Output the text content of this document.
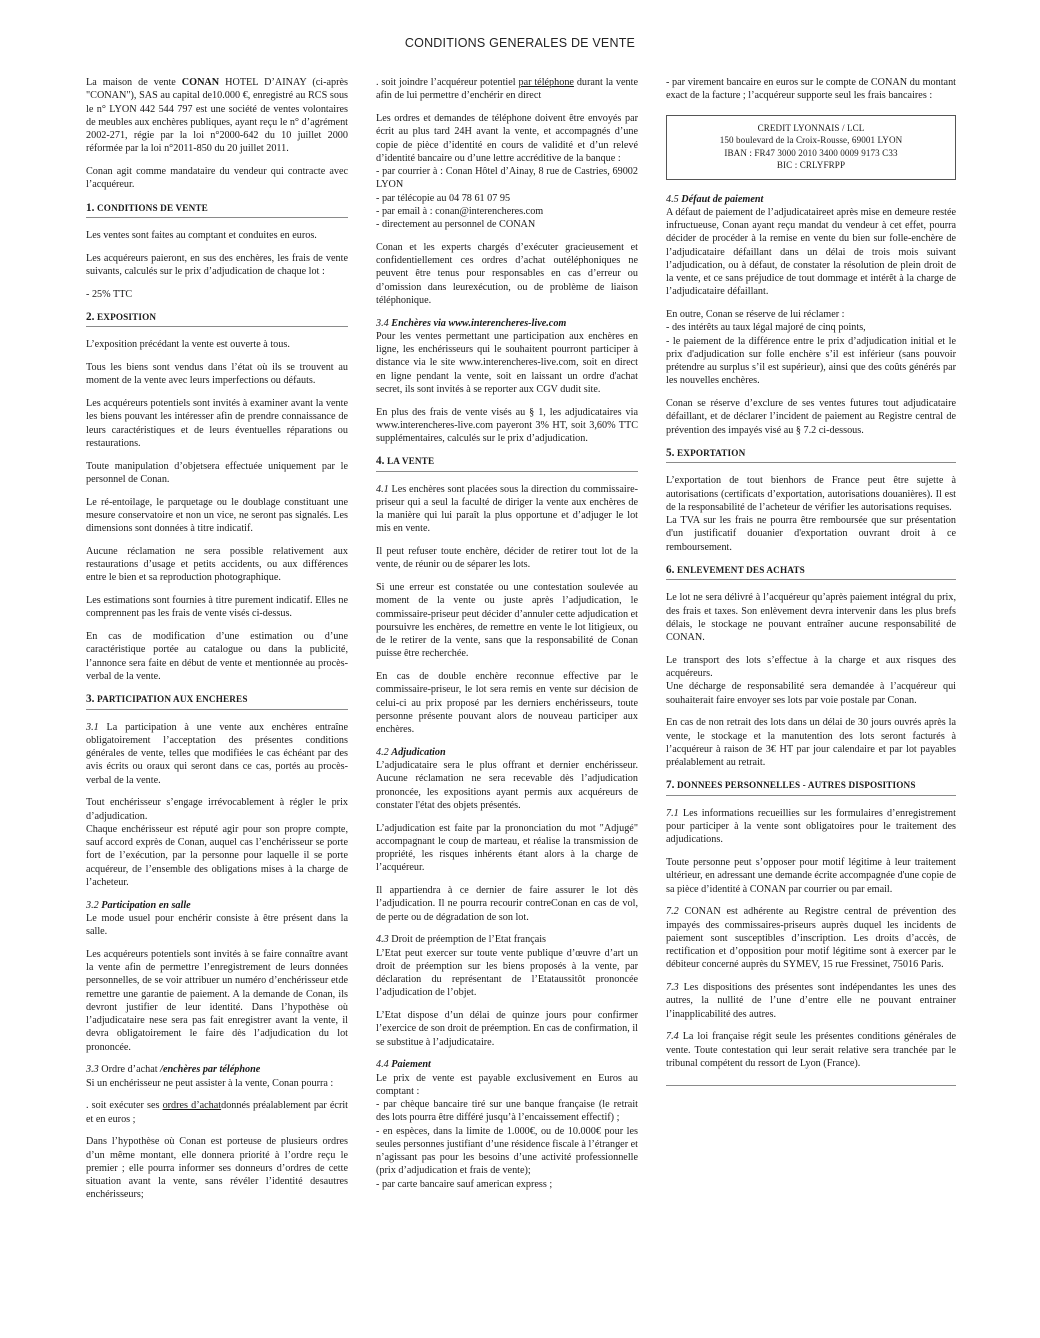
CONDITIONS GENERALES DE VENTE

La maison de vente CONAN HOTEL D’AINAY (ci-après "CONAN"), SAS au capital de10.000 €, enregistré au RCS sous le n° LYON 442 544 797 est une société de ventes volontaires de meubles aux enchères publiques, ayant reçu le n° d’agrément 2002-271, régie par la loi n°2000-642 du 10 juillet 2000 réformée par la loi n°2011-850 du 20 juillet 2011.

Conan agit comme mandataire du vendeur qui contracte avec l’acquéreur.

1. CONDITIONS DE VENTE

Les ventes sont faites au comptant et conduites en euros.

Les acquéreurs paieront, en sus des enchères, les frais de vente suivants, calculés sur le prix d’adjudication de chaque lot :

- 25% TTC

2. EXPOSITION

L’exposition précédant la vente est ouverte à tous.

Tous les biens sont vendus dans l’état où ils se trouvent au moment de la vente avec leurs imperfections ou défauts.

Les acquéreurs potentiels sont invités à examiner avant la vente les biens pouvant les intéresser afin de prendre connaissance de leurs caractéristiques et de leurs éventuelles réparations ou restaurations.

Toute manipulation d’objetsera effectuée uniquement par le personnel de Conan.

Le ré-entoilage, le parquetage ou le doublage constituant une mesure conservatoire et non un vice, ne seront pas signalés. Les dimensions sont données à titre indicatif.

Aucune réclamation ne sera possible relativement aux restaurations d’usage et petits accidents, ou aux différences entre le bien et sa reproduction photographique.

Les estimations sont fournies à titre purement indicatif. Elles ne comprennent pas les frais de vente visés ci-dessus.

En cas de modification d’une estimation ou d’une caractéristique portée au catalogue ou dans la publicité, l’annonce sera faite en début de vente et mentionnée au procès-verbal de la vente.

3. PARTICIPATION AUX ENCHERES

3.1 La participation à une vente aux enchères entraîne obligatoirement l’acceptation des présentes conditions générales de vente, telles que modifiées le cas échéant par des avis écrits ou oraux qui seront dans ce cas, portés au procès-verbal de la vente.

Tout enchérisseur s’engage irrévocablement à régler le prix d’adjudication.

Chaque enchérisseur est réputé agir pour son propre compte, sauf accord exprès de Conan, auquel cas l’enchérisseur se porte fort de l’exécution, par la personne pour laquelle il se porte acquéreur, de l’ensemble des obligations mises à la charge de l’acheteur.

3.2 Participation en salle

Le mode usuel pour enchérir consiste à être présent dans la salle.

Les acquéreurs potentiels sont invités à se faire connaître avant la vente afin de permettre l’enregistrement de leurs données personnelles, de se voir attribuer un numéro d’enchérisseur etde remettre une garantie de paiement. A la demande de Conan, ils devront justifier de leur identité. Dans l’hypothèse où l’adjudicataire nese sera pas fait enregistrer avant la vente, il devra obligatoirement le faire dès l’adjudication du lot prononcée.

3.3 Ordre d’achat /enchères par téléphone

Si un enchérisseur ne peut assister à la vente, Conan pourra :

. soit exécuter ses ordres d’achatdonnés préalablement par écrit et en euros ;

Dans l’hypothèse où Conan est porteuse de plusieurs ordres d’un même montant, elle donnera priorité à l’ordre reçu le premier ; elle pourra informer ses donneurs d’ordres de cette situation avant la vente, sans révéler l’identité desautres enchérisseurs;

. soit joindre l’acquéreur potentiel par téléphone durant la vente afin de lui permettre d’enchérir en direct

Les ordres et demandes de téléphone doivent être envoyés par écrit au plus tard 24H avant la vente, et accompagnés d’une copie de pièce d’identité en cours de validité et d’un relevé d’identité bancaire ou d’une lettre accréditive de la banque :

- par courrier à : Conan Hôtel d’Ainay, 8 rue de Castries, 69002 LYON

- par télécopie au 04 78 61 07 95

- par email à : conan@interencheres.com

- directement au personnel de CONAN

Conan et les experts chargés d’exécuter gracieusement et confidentiellement ces ordres d’achat outéléphoniques ne peuvent être tenus pour responsables en cas d’erreur ou d’omission dans leurexécution, ou de problème de liaison téléphonique.

3.4 Enchères via www.interencheres-live.com

Pour les ventes permettant une participation aux enchères en ligne, les enchérisseurs qui le souhaitent pourront participer à distance via le site www.interencheres-live.com, soit en direct en ligne pendant la vente, soit en laissant un ordre d'achat secret, ils sont invités à se reporter aux CGV dudit site.

En plus des frais de vente visés au § 1, les adjudicataires via www.interencheres-live.com payeront 3% HT, soit 3,60% TTC supplémentaires, calculés sur le prix d’adjudication.

4. LA VENTE

4.1 Les enchères sont placées sous la direction du commissaire-priseur qui a seul la faculté de diriger la vente aux enchères de la manière qui lui paraît la plus opportune et d’adjuger le lot mis en vente.

Il peut refuser toute enchère, décider de retirer tout lot de la vente, de réunir ou de séparer les lots.

Si une erreur est constatée ou une contestation soulevée au moment de la vente ou juste après l’adjudication, le commissaire-priseur peut décider d’annuler cette adjudication et poursuivre les enchères, de remettre en vente le lot litigieux, ou de le retirer de la vente, sans que la responsabilité de Conan puisse être recherchée.

En cas de double enchère reconnue effective par le commissaire-priseur, le lot sera remis en vente sur décision de celui-ci au prix proposé par les derniers enchérisseurs, toute personne présente pouvant alors de nouveau participer aux enchères.

4.2 Adjudication

L’adjudicataire sera le plus offrant et dernier enchérisseur. Aucune réclamation ne sera recevable dès l’adjudication prononcée, les expositions ayant permis aux acquéreurs de constater l'état des objets présentés.

L’adjudication est faite par la prononciation du mot "Adjugé" accompagnant le coup de marteau, et réalise la transmission de propriété, les risques inhérents étant alors à la charge de l’acquéreur.

Il appartiendra à ce dernier de faire assurer le lot dès l’adjudication. Il ne pourra recourir contreConan en cas de vol, de perte ou de dégradation de son lot.

4.3 Droit de préemption de l’Etat français

L’Etat peut exercer sur toute vente publique d’œuvre d’art un droit de préemption sur les biens proposés à la vente, par déclaration du représentant de l’Etataussitôt prononcée l’adjudication de l’objet.

L’Etat dispose d’un délai de quinze jours pour confirmer l’exercice de son droit de préemption. En cas de confirmation, il se substitue à l’adjudicataire.

4.4 Paiement

Le prix de vente est payable exclusivement en Euros au comptant :

- par chèque bancaire tiré sur une banque française (le retrait des lots pourra être différé jusqu’à l’encaissement effectif) ;

- en espèces, dans la limite de 1.000€, ou de 10.000€ pour les seules personnes justifiant d’une résidence fiscale à l’étranger et n’agissant pas pour les besoins d’une activité professionnelle (prix d’adjudication et frais de vente);

- par carte bancaire sauf american express ;

- par virement bancaire en euros sur le compte de CONAN du montant exact de la facture ; l’acquéreur supporte seul les frais bancaires :

CREDIT LYONNAIS / LCL
150 boulevard de la Croix-Rousse, 69001 LYON
IBAN : FR47 3000 2010 3400 0009 9173 C33
BIC : CRLYFRPP
4.5 Défaut de paiement

A défaut de paiement de l’adjudicataireet après mise en demeure restée infructueuse, Conan ayant reçu mandat du vendeur à cet effet, pourra décider de procéder à la remise en vente du bien sur folle-enchère de l’adjudicataire défaillant dans un délai de trois mois suivant l’adjudication, ou à défaut, de constater la résolution de plein droit de la vente, et ce sans préjudice de tout dommage et intérêt à la charge de l’adjudicataire défaillant.

En outre, Conan se réserve de lui réclamer :

- des intérêts au taux légal majoré de cinq points,

- le paiement de la différence entre le prix d’adjudication initial et le prix d'adjudication sur folle enchère s’il est inférieur (sans pouvoir prétendre au surplus s’il est supérieur), ainsi que des coûts générés par les nouvelles enchères.

Conan se réserve d’exclure de ses ventes futures tout adjudicataire défaillant, et de déclarer l’incident de paiement au Registre central de prévention des impayés visé au § 7.2 ci-dessous.

5. EXPORTATION

L’exportation de tout bienhors de France peut être sujette à autorisations (certificats d’exportation, autorisations douanières). Il est de la responsabilité de l’acheteur de vérifier les autorisations requises.

La TVA sur les frais ne pourra être remboursée que sur présentation d'un justificatif douanier d'exportation ouvrant droit à ce remboursement.

6. ENLEVEMENT DES ACHATS

Le lot ne sera délivré à l’acquéreur qu’après paiement intégral du prix, des frais et taxes. Son enlèvement devra intervenir dans les plus brefs délais, le stockage ne pouvant entraîner aucune responsabilité de CONAN.

Le transport des lots s’effectue à la charge et aux risques des acquéreurs.

Une décharge de responsabilité sera demandée à l’acquéreur qui souhaiterait faire envoyer ses lots par voie postale par Conan.

En cas de non retrait des lots dans un délai de 30 jours ouvrés après la vente, le stockage et la manutention des lots seront facturés à l’acquéreur à raison de 3€ HT par jour calendaire et par lot payables préalablement au retrait.

7. DONNEES PERSONNELLES - AUTRES DISPOSITIONS

7.1 Les informations recueillies sur les formulaires d’enregistrement pour participer à la vente sont obligatoires pour le traitement des adjudications.

Toute personne peut s’opposer pour motif légitime à leur traitement ultérieur, en adressant une demande écrite accompagnée d'une copie de sa pièce d’identité à CONAN par courrier ou par email.

7.2 CONAN est adhérente au Registre central de prévention des impayés des commissaires-priseurs auprès duquel les incidents de paiement sont susceptibles d’inscription. Les droits d’accès, de rectification et d’opposition pour motif légitime sont à exercer par le débiteur concerné auprès du SYMEV, 15 rue Fressinet, 75016 Paris.

7.3 Les dispositions des présentes sont indépendantes les unes des autres, la nullité de l’une d’entre elle ne pouvant entrainer l’inapplicabilité des autres.

7.4 La loi française régit seule les présentes conditions générales de vente. Toute contestation qui leur serait relative sera tranchée par le tribunal compétent du ressort de Lyon (France).
